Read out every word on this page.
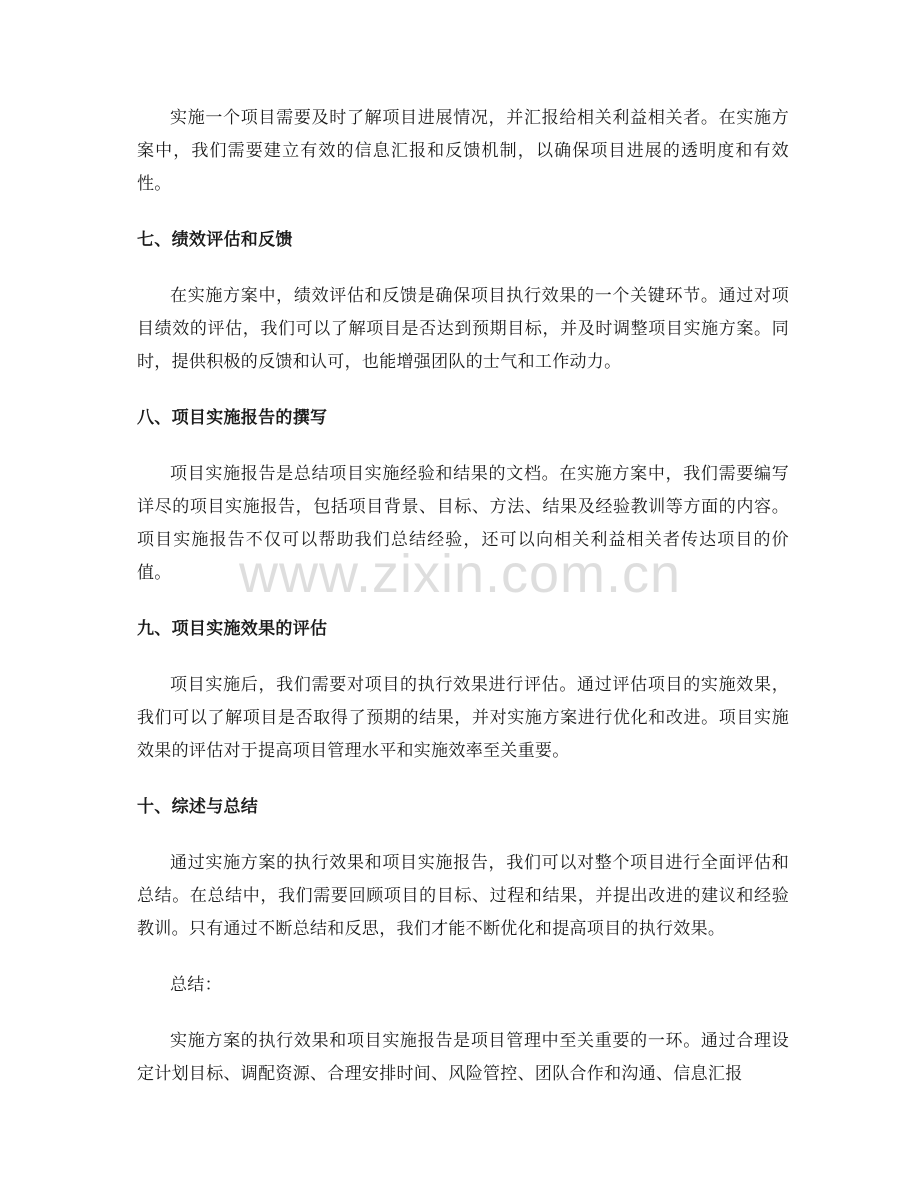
实施一个项目需要及时了解项目进展情况，并汇报给相关利益相关者。在实施方案中，我们需要建立有效的信息汇报和反馈机制，以确保项目进展的透明度和有效性。

七、绩效评估和反馈

在实施方案中，绩效评估和反馈是确保项目执行效果的一个关键环节。通过对项目绩效的评估，我们可以了解项目是否达到预期目标，并及时调整项目实施方案。同时，提供积极的反馈和认可，也能增强团队的士气和工作动力。

八、项目实施报告的撰写

项目实施报告是总结项目实施经验和结果的文档。在实施方案中，我们需要编写详尽的项目实施报告，包括项目背景、目标、方法、结果及经验教训等方面的内容。项目实施报告不仅可以帮助我们总结经验，还可以向相关利益相关者传达项目的价值。

九、项目实施效果的评估

项目实施后，我们需要对项目的执行效果进行评估。通过评估项目的实施效果，我们可以了解项目是否取得了预期的结果，并对实施方案进行优化和改进。项目实施效果的评估对于提高项目管理水平和实施效率至关重要。

十、综述与总结

通过实施方案的执行效果和项目实施报告，我们可以对整个项目进行全面评估和总结。在总结中，我们需要回顾项目的目标、过程和结果，并提出改进的建议和经验教训。只有通过不断总结和反思，我们才能不断优化和提高项目的执行效果。

总结：

实施方案的执行效果和项目实施报告是项目管理中至关重要的一环。通过合理设定计划目标、调配资源、合理安排时间、风险管控、团队合作和沟通、信息汇报

www.zixin.com.cn
